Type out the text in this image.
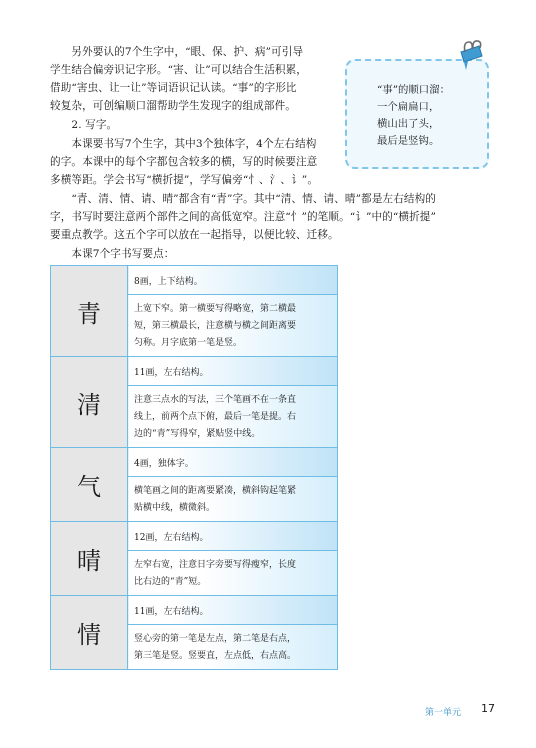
　　另外要认的7个生字中，“眼、保、护、病”可引导

学生结合偏旁识记字形。“害、让”可以结合生活积累，

借助“害虫、让一让”等词语识记认读。“事”的字形比

较复杂，可创编顺口溜帮助学生发现字的组成部件。

　　2. 写字。

　　本课要书写7个生字，其中3个独体字，4个左右结构

的字。本课中的每个字都包含较多的横，写的时候要注意

多横等距。学会书写“横折提”，学写偏旁“忄、氵、讠”。

　　“青、清、情、请、晴”都含有“青”字。其中“清、情、请、晴”都是左右结构的

字，书写时要注意两个部件之间的高低宽窄。注意“忄”的笔顺。“讠”中的“横折提”

要重点教学。这五个字可以放在一起指导，以便比较、迁移。

　　本课7个字书写要点：

“事”的顺口溜：
一个扁扁口，
横山出了头，
最后是竖钩。
青	8画，上下结构。

	上宽下窄。第一横要写得略宽，第二横最
短，第三横最长，注意横与横之间距离要
匀称。月字底第一笔是竖。

清	11画，左右结构。

	注意三点水的写法，三个笔画不在一条直
线上，前两个点下俯，最后一笔是提。右
边的“青”写得窄，紧贴竖中线。

气	4画，独体字。

	横笔画之间的距离要紧凑，横斜钩起笔紧
贴横中线，横微斜。

晴	12画，左右结构。

	左窄右宽，注意日字旁要写得瘦窄，长度
比右边的“青”短。

情	11画，左右结构。

	竖心旁的第一笔是左点，第二笔是右点，
第三笔是竖。竖要直，左点低，右点高。
第一单元 17
